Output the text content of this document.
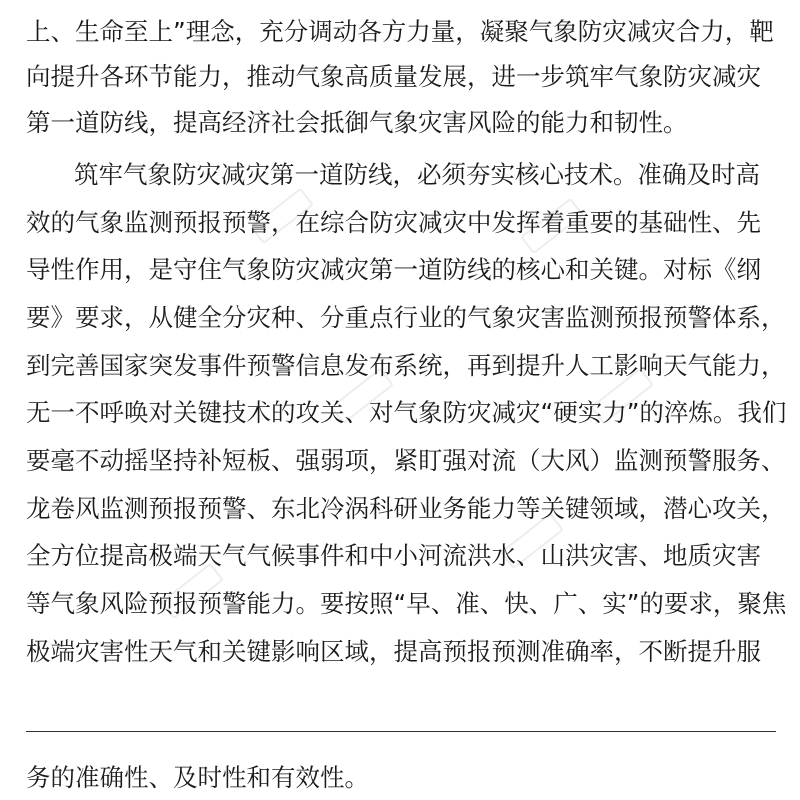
上、生命至上”理念，充分调动各方力量，凝聚气象防灾减灾合力，靶
向提升各环节能力，推动气象高质量发展，进一步筑牢气象防灾减灾
第一道防线，提高经济社会抵御气象灾害风险的能力和韧性。
筑牢气象防灾减灾第一道防线，必须夯实核心技术。准确及时高
效的气象监测预报预警，在综合防灾减灾中发挥着重要的基础性、先
导性作用，是守住气象防灾减灾第一道防线的核心和关键。对标《纲
要》要求，从健全分灾种、分重点行业的气象灾害监测预报预警体系，
到完善国家突发事件预警信息发布系统，再到提升人工影响天气能力，
无一不呼唤对关键技术的攻关、对气象防灾减灾“硬实力”的淬炼。我们
要毫不动摇坚持补短板、强弱项，紧盯强对流（大风）监测预警服务、
龙卷风监测预报预警、东北冷涡科研业务能力等关键领域，潜心攻关，
全方位提高极端天气气候事件和中小河流洪水、山洪灾害、地质灾害
等气象风险预报预警能力。要按照“早、准、快、广、实”的要求，聚焦
极端灾害性天气和关键影响区域，提高预报预测准确率，不断提升服
务的准确性、及时性和有效性。
